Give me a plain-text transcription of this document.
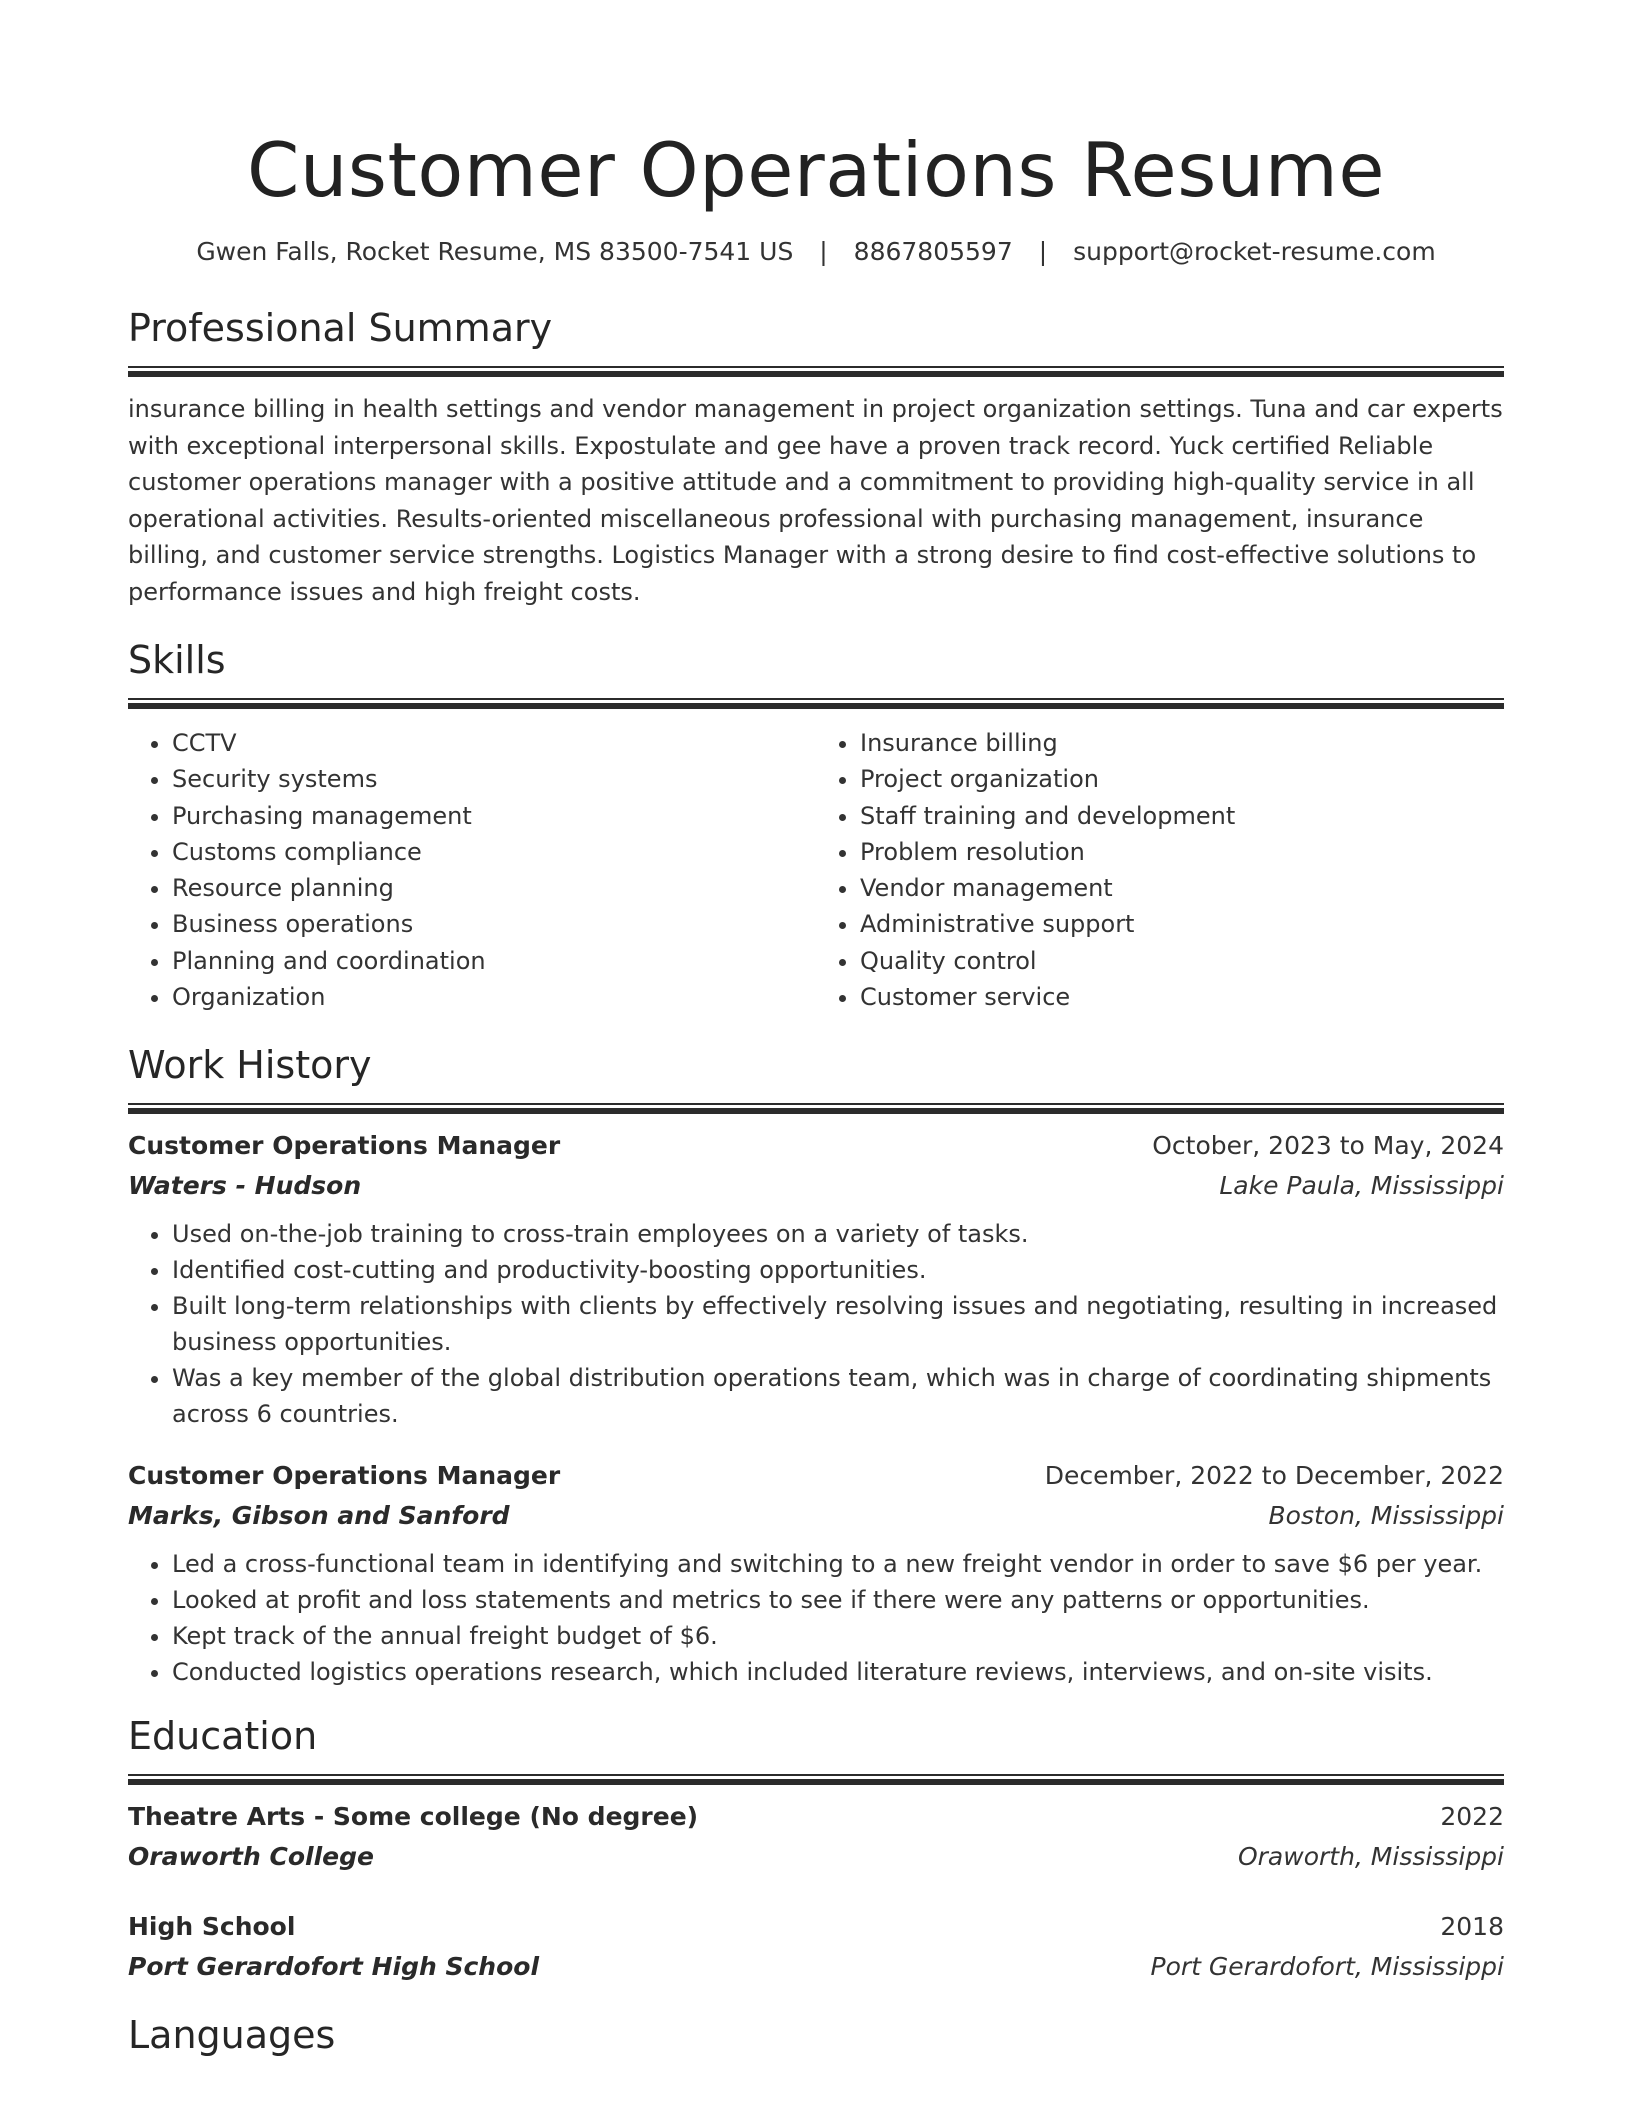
Customer Operations Resume
Gwen Falls, Rocket Resume, MS 83500-7541 US | 8867805597 | support@rocket-resume.com
Professional Summary

insurance billing in health settings and vendor management in project organization settings. Tuna and car experts with exceptional interpersonal skills. Expostulate and gee have a proven track record. Yuck certified Reliable customer operations manager with a positive attitude and a commitment to providing high-quality service in all operational activities. Results-oriented miscellaneous professional with purchasing management, insurance billing, and customer service strengths. Logistics Manager with a strong desire to find cost-effective solutions to performance issues and high freight costs.

Skills
• CCTV
• Security systems
• Purchasing management
• Customs compliance
• Resource planning
• Business operations
• Planning and coordination
• Organization
• Insurance billing
• Project organization
• Staff training and development
• Problem resolution
• Vendor management
• Administrative support
• Quality control
• Customer service
Work History
Customer Operations Manager	October, 2023 to May, 2024
Waters - Hudson	Lake Paula, Mississippi
• Used on-the-job training to cross-train employees on a variety of tasks.
• Identified cost-cutting and productivity-boosting opportunities.
• Built long-term relationships with clients by effectively resolving issues and negotiating, resulting in increased business opportunities.
• Was a key member of the global distribution operations team, which was in charge of coordinating shipments across 6 countries.
Customer Operations Manager	December, 2022 to December, 2022
Marks, Gibson and Sanford	Boston, Mississippi
• Led a cross-functional team in identifying and switching to a new freight vendor in order to save $6 per year.
• Looked at profit and loss statements and metrics to see if there were any patterns or opportunities.
• Kept track of the annual freight budget of $6.
• Conducted logistics operations research, which included literature reviews, interviews, and on-site visits.
Education
Theatre Arts - Some college (No degree)	2022
Oraworth College	Oraworth, Mississippi
High School	2018
Port Gerardofort High School	Port Gerardofort, Mississippi
Languages
